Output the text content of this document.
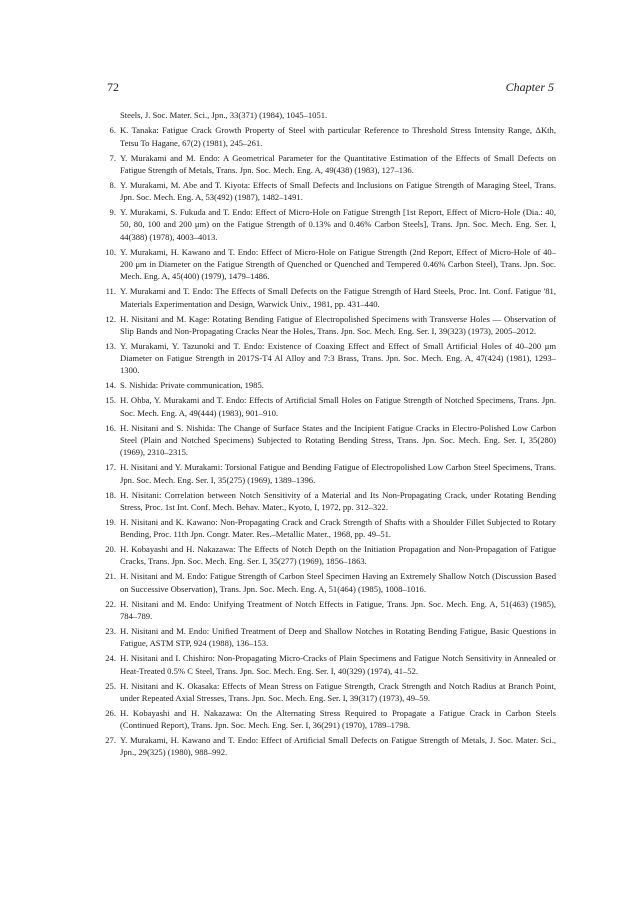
72	Chapter 5
Steels, J. Soc. Mater. Sci., Jpn., 33(371) (1984), 1045–1051.
6. K. Tanaka: Fatigue Crack Growth Property of Steel with particular Reference to Threshold Stress Intensity Range, ΔKth, Tetsu To Hagane, 67(2) (1981), 245–261.
7. Y. Murakami and M. Endo: A Geometrical Parameter for the Quantitative Estimation of the Effects of Small Defects on Fatigue Strength of Metals, Trans. Jpn. Soc. Mech. Eng. A, 49(438) (1983), 127–136.
8. Y. Murakami, M. Abe and T. Kiyota: Effects of Small Defects and Inclusions on Fatigue Strength of Maraging Steel, Trans. Jpn. Soc. Mech. Eng. A, 53(492) (1987), 1482–1491.
9. Y. Murakami, S. Fukuda and T. Endo: Effect of Micro-Hole on Fatigue Strength [1st Report, Effect of Micro-Hole (Dia.: 40, 50, 80, 100 and 200 μm) on the Fatigue Strength of 0.13% and 0.46% Carbon Steels], Trans. Jpn. Soc. Mech. Eng. Ser. I, 44(388) (1978), 4003–4013.
10. Y. Murakami, H. Kawano and T. Endo: Effect of Micro-Hole on Fatigue Strength (2nd Report, Effect of Micro-Hole of 40–200 μm in Diameter on the Fatigue Strength of Quenched or Quenched and Tempered 0.46% Carbon Steel), Trans. Jpn. Soc. Mech. Eng. A, 45(400) (1979), 1479–1486.
11. Y. Murakami and T. Endo: The Effects of Small Defects on the Fatigue Strength of Hard Steels, Proc. Int. Conf. Fatigue '81, Materials Experimentation and Design, Warwick Univ., 1981, pp. 431–440.
12. H. Nisitani and M. Kage: Rotating Bending Fatigue of Electropolished Specimens with Transverse Holes — Observation of Slip Bands and Non-Propagating Cracks Near the Holes, Trans. Jpn. Soc. Mech. Eng. Ser. I, 39(323) (1973), 2005–2012.
13. Y. Murakami, Y. Tazunoki and T. Endo: Existence of Coaxing Effect and Effect of Small Artificial Holes of 40–200 μm Diameter on Fatigue Strength in 2017S-T4 Al Alloy and 7:3 Brass, Trans. Jpn. Soc. Mech. Eng. A, 47(424) (1981), 1293–1300.
14. S. Nishida: Private communication, 1985.
15. H. Ohba, Y. Murakami and T. Endo: Effects of Artificial Small Holes on Fatigue Strength of Notched Specimens, Trans. Jpn. Soc. Mech. Eng. A, 49(444) (1983), 901–910.
16. H. Nisitani and S. Nishida: The Change of Surface States and the Incipient Fatigue Cracks in Electro-Polished Low Carbon Steel (Plain and Notched Specimens) Subjected to Rotating Bending Stress, Trans. Jpn. Soc. Mech. Eng. Ser. I, 35(280) (1969), 2310–2315.
17. H. Nisitani and Y. Murakami: Torsional Fatigue and Bending Fatigue of Electropolished Low Carbon Steel Specimens, Trans. Jpn. Soc. Mech. Eng. Ser. I, 35(275) (1969), 1389–1396.
18. H. Nisitani: Correlation between Notch Sensitivity of a Material and Its Non-Propagating Crack, under Rotating Bending Stress, Proc. 1st Int. Conf. Mech. Behav. Mater., Kyoto, I, 1972, pp. 312–322.
19. H. Nisitani and K. Kawano: Non-Propagating Crack and Crack Strength of Shafts with a Shoulder Fillet Subjected to Rotary Bending, Proc. 11th Jpn. Congr. Mater. Res.–Metallic Mater., 1968, pp. 49–51.
20. H. Kobayashi and H. Nakazawa: The Effects of Notch Depth on the Initiation Propagation and Non-Propagation of Fatigue Cracks, Trans. Jpn. Soc. Mech. Eng. Ser. I, 35(277) (1969), 1856–1863.
21. H. Nisitani and M. Endo: Fatigue Strength of Carbon Steel Specimen Having an Extremely Shallow Notch (Discussion Based on Successive Observation), Trans. Jpn. Soc. Mech. Eng. A, 51(464) (1985), 1008–1016.
22. H. Nisitani and M. Endo: Unifying Treatment of Notch Effects in Fatigue, Trans. Jpn. Soc. Mech. Eng. A, 51(463) (1985), 784–789.
23. H. Nisitani and M. Endo: Unified Treatment of Deep and Shallow Notches in Rotating Bending Fatigue, Basic Questions in Fatigue, ASTM STP, 924 (1988), 136–153.
24. H. Nisitani and I. Chishiro: Non-Propagating Micro-Cracks of Plain Specimens and Fatigue Notch Sensitivity in Annealed or Heat-Treated 0.5% C Steel, Trans. Jpn. Soc. Mech. Eng. Ser. I, 40(329) (1974), 41–52.
25. H. Nisitani and K. Okasaka: Effects of Mean Stress on Fatigue Strength, Crack Strength and Notch Radius at Branch Point, under Repeated Axial Stresses, Trans. Jpn. Soc. Mech. Eng. Ser. I, 39(317) (1973), 49–59.
26. H. Kobayashi and H. Nakazawa: On the Alternating Stress Required to Propagate a Fatigue Crack in Carbon Steels (Continued Report), Trans. Jpn. Soc. Mech. Eng. Ser. I, 36(291) (1970), 1789–1798.
27. Y. Murakami, H. Kawano and T. Endo: Effect of Artificial Small Defects on Fatigue Strength of Metals, J. Soc. Mater. Sci., Jpn., 29(325) (1980), 988–992.
